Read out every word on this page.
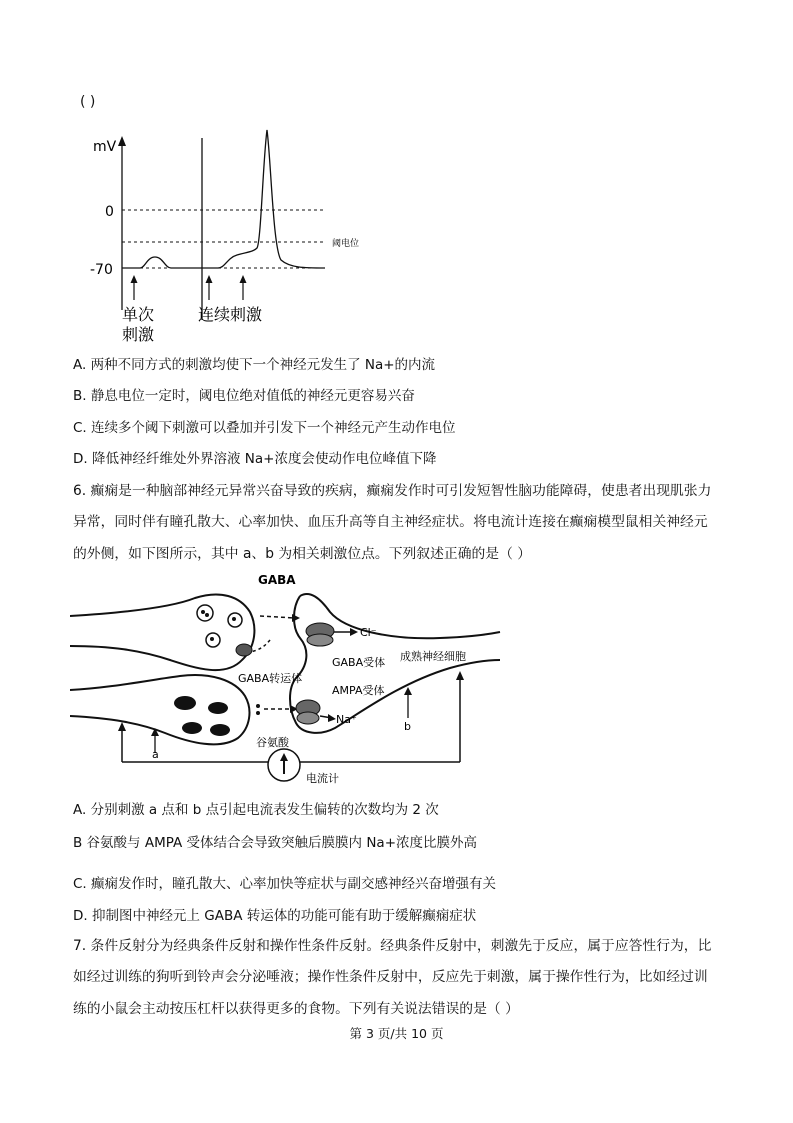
( )
mV
0
-70
阈电位
单次
刺激
连续刺激
A. 两种不同方式的刺激均使下一个神经元发生了 Na+的内流
B. 静息电位一定时，阈电位绝对值低的神经元更容易兴奋
C. 连续多个阈下刺激可以叠加并引发下一个神经元产生动作电位
D. 降低神经纤维处外界溶液 Na+浓度会使动作电位峰值下降
6. 癫痫是一种脑部神经元异常兴奋导致的疾病，癫痫发作时可引发短智性脑功能障碍，使患者出现肌张力
异常，同时伴有瞳孔散大、心率加快、血压升高等自主神经症状。将电流计连接在癫痫模型鼠相关神经元
的外侧，如下图所示，其中 a、b 为相关刺激位点。下列叙述正确的是（ ）
GABA
Cl⁻
GABA受体 成熟神经细胞
GABA转运体
AMPA受体
Na⁺
谷氨酸
a
b
电流计
A. 分别刺激 a 点和 b 点引起电流表发生偏转的次数均为 2 次
B 谷氨酸与 AMPA 受体结合会导致突触后膜膜内 Na+浓度比膜外高
C. 癫痫发作时，瞳孔散大、心率加快等症状与副交感神经兴奋增强有关
D. 抑制图中神经元上 GABA 转运体的功能可能有助于缓解癫痫症状
7. 条件反射分为经典条件反射和操作性条件反射。经典条件反射中，刺激先于反应，属于应答性行为，比
如经过训练的狗听到铃声会分泌唾液；操作性条件反射中，反应先于刺激，属于操作性行为，比如经过训
练的小鼠会主动按压杠杆以获得更多的食物。下列有关说法错误的是（ ）
第 3 页/共 10 页
